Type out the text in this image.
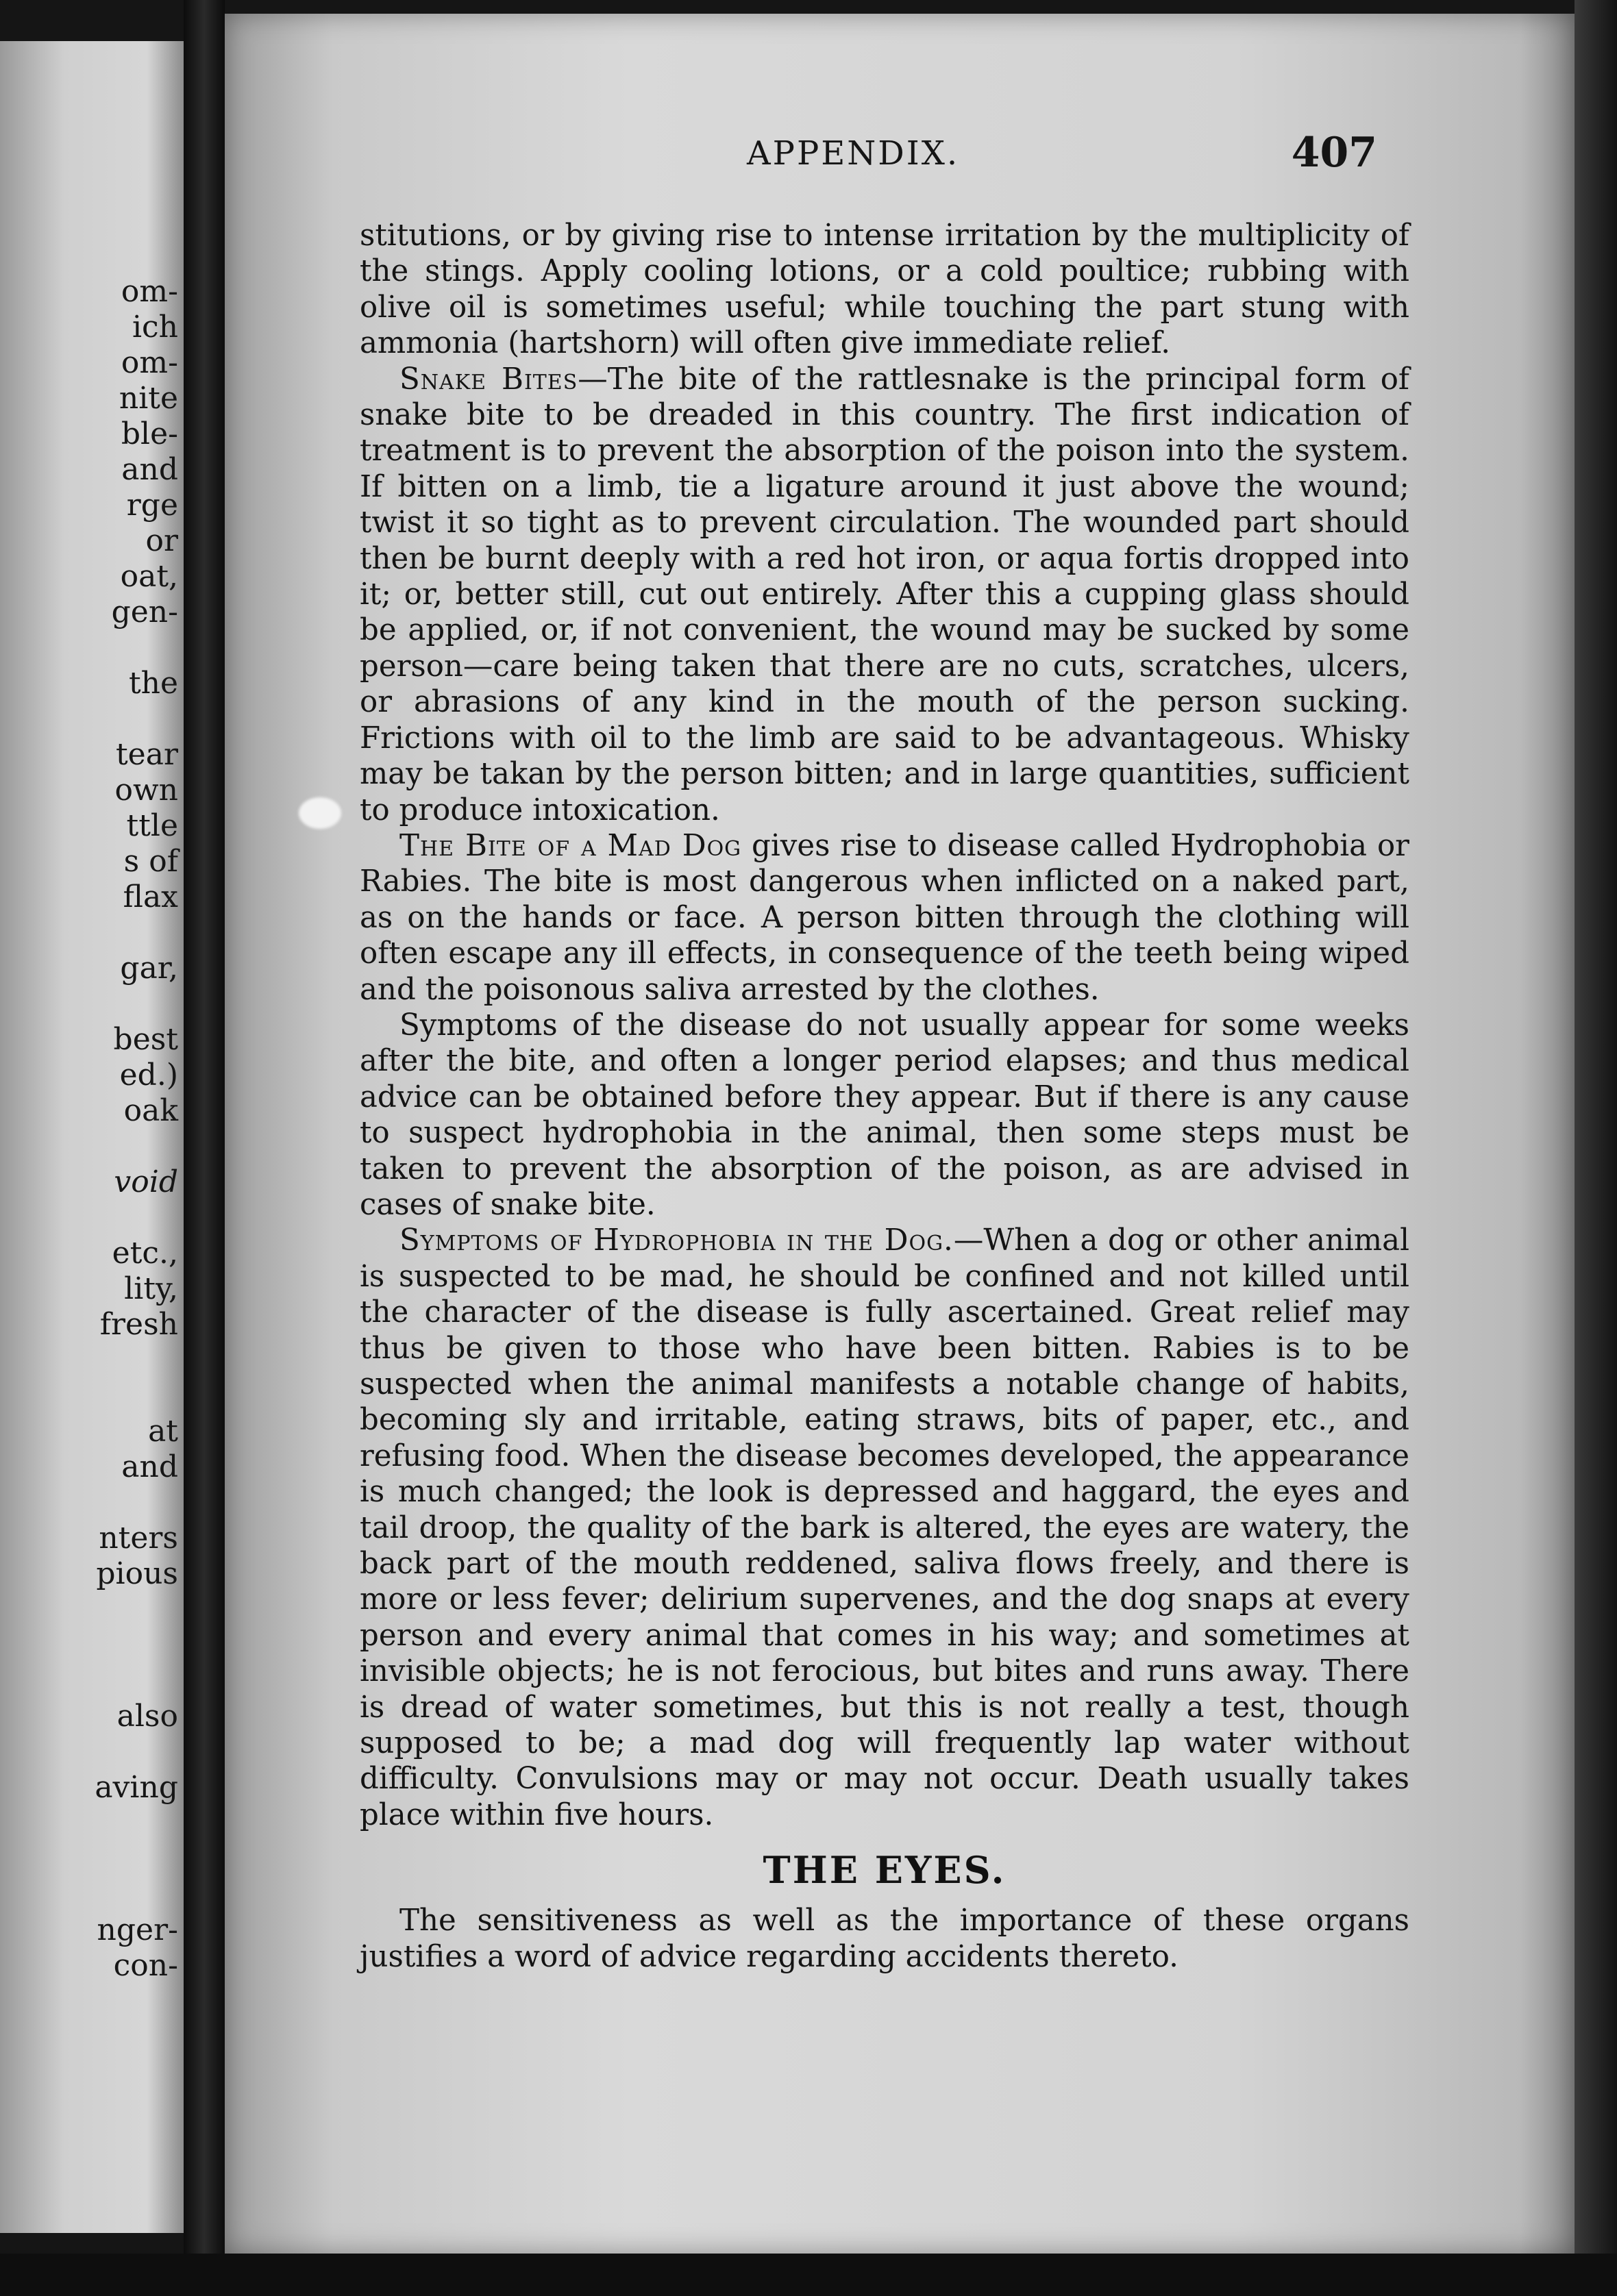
om-

ich

om-

nite

ble-

and

rge

or

oat,

gen-

the

tear

own

ttle

s of

flax

gar,

best

ed.)

oak

void

etc.,

lity,

fresh

at

and

nters

pious

also

aving

nger-

con-

APPENDIX.	407

stitutions, or by giving rise to intense irritation by the multiplicity of the stings. Apply cooling lotions, or a cold poultice; rubbing with olive oil is sometimes useful; while touching the part stung with ammonia (hartshorn) will often give immediate relief.

Snake Bites—The bite of the rattlesnake is the principal form of snake bite to be dreaded in this country. The first indication of treatment is to prevent the absorption of the poison into the system. If bitten on a limb, tie a ligature around it just above the wound; twist it so tight as to prevent circulation. The wounded part should then be burnt deeply with a red hot iron, or aqua fortis dropped into it; or, better still, cut out entirely. After this a cupping glass should be applied, or, if not convenient, the wound may be sucked by some person—care being taken that there are no cuts, scratches, ulcers, or abrasions of any kind in the mouth of the person sucking. Frictions with oil to the limb are said to be advantageous. Whisky may be takan by the person bitten; and in large quantities, sufficient to produce intoxication.

The Bite of a Mad Dog gives rise to disease called Hydrophobia or Rabies. The bite is most dangerous when inflicted on a naked part, as on the hands or face. A person bitten through the clothing will often escape any ill effects, in consequence of the teeth being wiped and the poisonous saliva arrested by the clothes.

Symptoms of the disease do not usually appear for some weeks after the bite, and often a longer period elapses; and thus medical advice can be obtained before they appear. But if there is any cause to suspect hydrophobia in the animal, then some steps must be taken to prevent the absorption of the poison, as are advised in cases of snake bite.

Symptoms of Hydrophobia in the Dog.—When a dog or other animal is suspected to be mad, he should be confined and not killed until the character of the disease is fully ascertained. Great relief may thus be given to those who have been bitten. Rabies is to be suspected when the animal manifests a notable change of habits, becoming sly and irritable, eating straws, bits of paper, etc., and refusing food. When the disease becomes developed, the appearance is much changed; the look is depressed and haggard, the eyes and tail droop, the quality of the bark is altered, the eyes are watery, the back part of the mouth reddened, saliva flows freely, and there is more or less fever; delirium supervenes, and the dog snaps at every person and every animal that comes in his way; and sometimes at invisible objects; he is not ferocious, but bites and runs away. There is dread of water sometimes, but this is not really a test, though supposed to be; a mad dog will frequently lap water without difficulty. Convulsions may or may not occur. Death usually takes place within five hours.

THE EYES.

The sensitiveness as well as the importance of these organs justifies a word of advice regarding accidents thereto.
